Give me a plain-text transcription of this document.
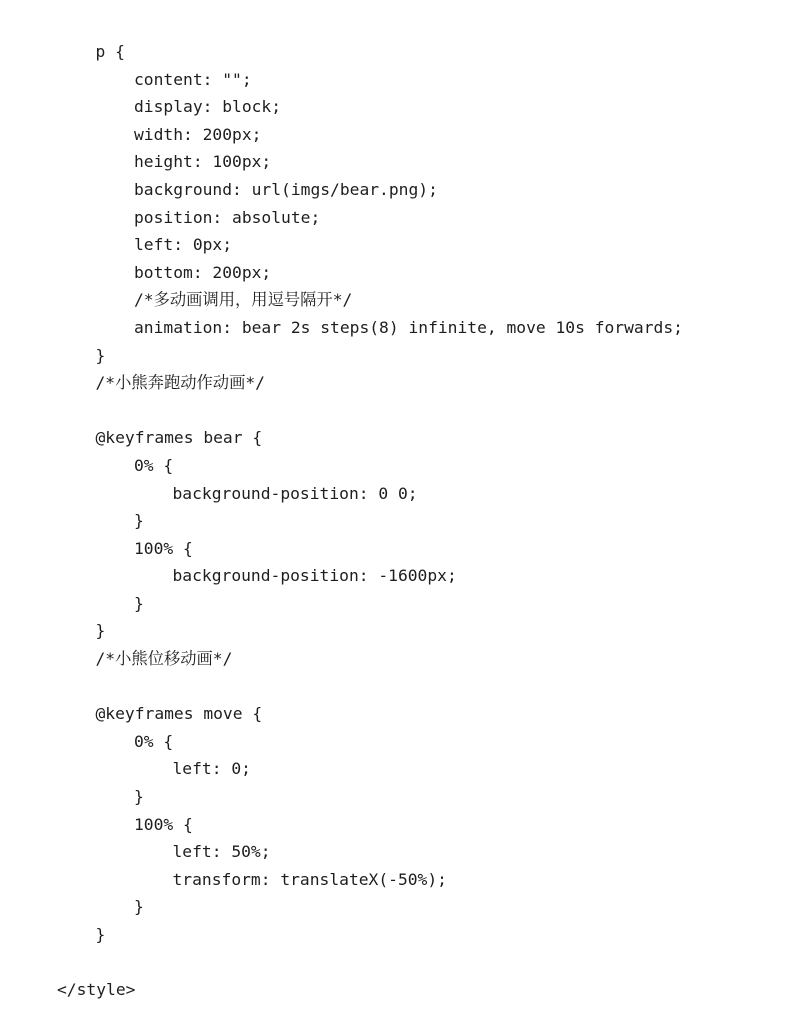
p {
content: "";
display: block;
width: 200px;
height: 100px;
background: url(imgs/bear.png);
position: absolute;
left: 0px;
bottom: 200px;
/*多动画调用，用逗号隔开*/
animation: bear 2s steps(8) infinite, move 10s forwards;
}
/*小熊奔跑动作动画*/
@keyframes bear {
0% {
background-position: 0 0;
}
100% {
background-position: -1600px;
}
}
/*小熊位移动画*/
@keyframes move {
0% {
left: 0;
}
100% {
left: 50%;
transform: translateX(-50%);
}
}
</style>
